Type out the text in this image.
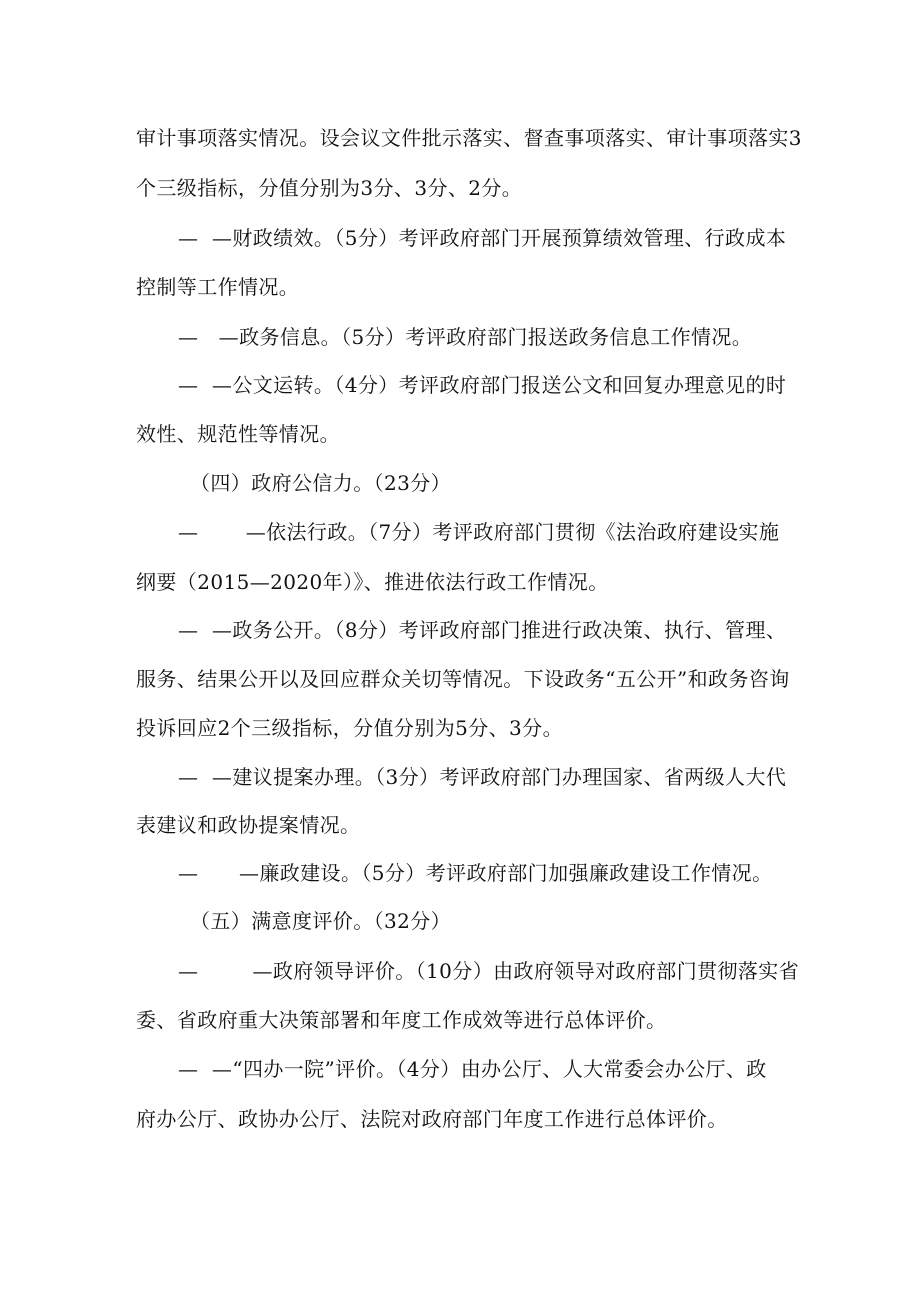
审计事项落实情况。设会议文件批示落实、督查事项落实、审计事项落实3
个三级指标，分值分别为3分、3分、2分。
—  —财政绩效。（5分）考评政府部门开展预算绩效管理、行政成本
控制等工作情况。
—   —政务信息。（5分）考评政府部门报送政务信息工作情况。
—  —公文运转。（4分）考评政府部门报送公文和回复办理意见的时
效性、规范性等情况。
（四）政府公信力。（23分）
—       —依法行政。（7分）考评政府部门贯彻《法治政府建设实施
纲要（2015—2020年）》、推进依法行政工作情况。
—  —政务公开。（8分）考评政府部门推进行政决策、执行、管理、
服务、结果公开以及回应群众关切等情况。下设政务“五公开”和政务咨询
投诉回应2个三级指标，分值分别为5分、3分。
—  —建议提案办理。（3分）考评政府部门办理国家、省两级人大代
表建议和政协提案情况。
—      —廉政建设。（5分）考评政府部门加强廉政建设工作情况。
（五）满意度评价。（32分）
—        —政府领导评价。（10分）由政府领导对政府部门贯彻落实省
委、省政府重大决策部署和年度工作成效等进行总体评价。
—  —“四办一院”评价。（4分）由办公厅、人大常委会办公厅、政
府办公厅、政协办公厅、法院对政府部门年度工作进行总体评价。
